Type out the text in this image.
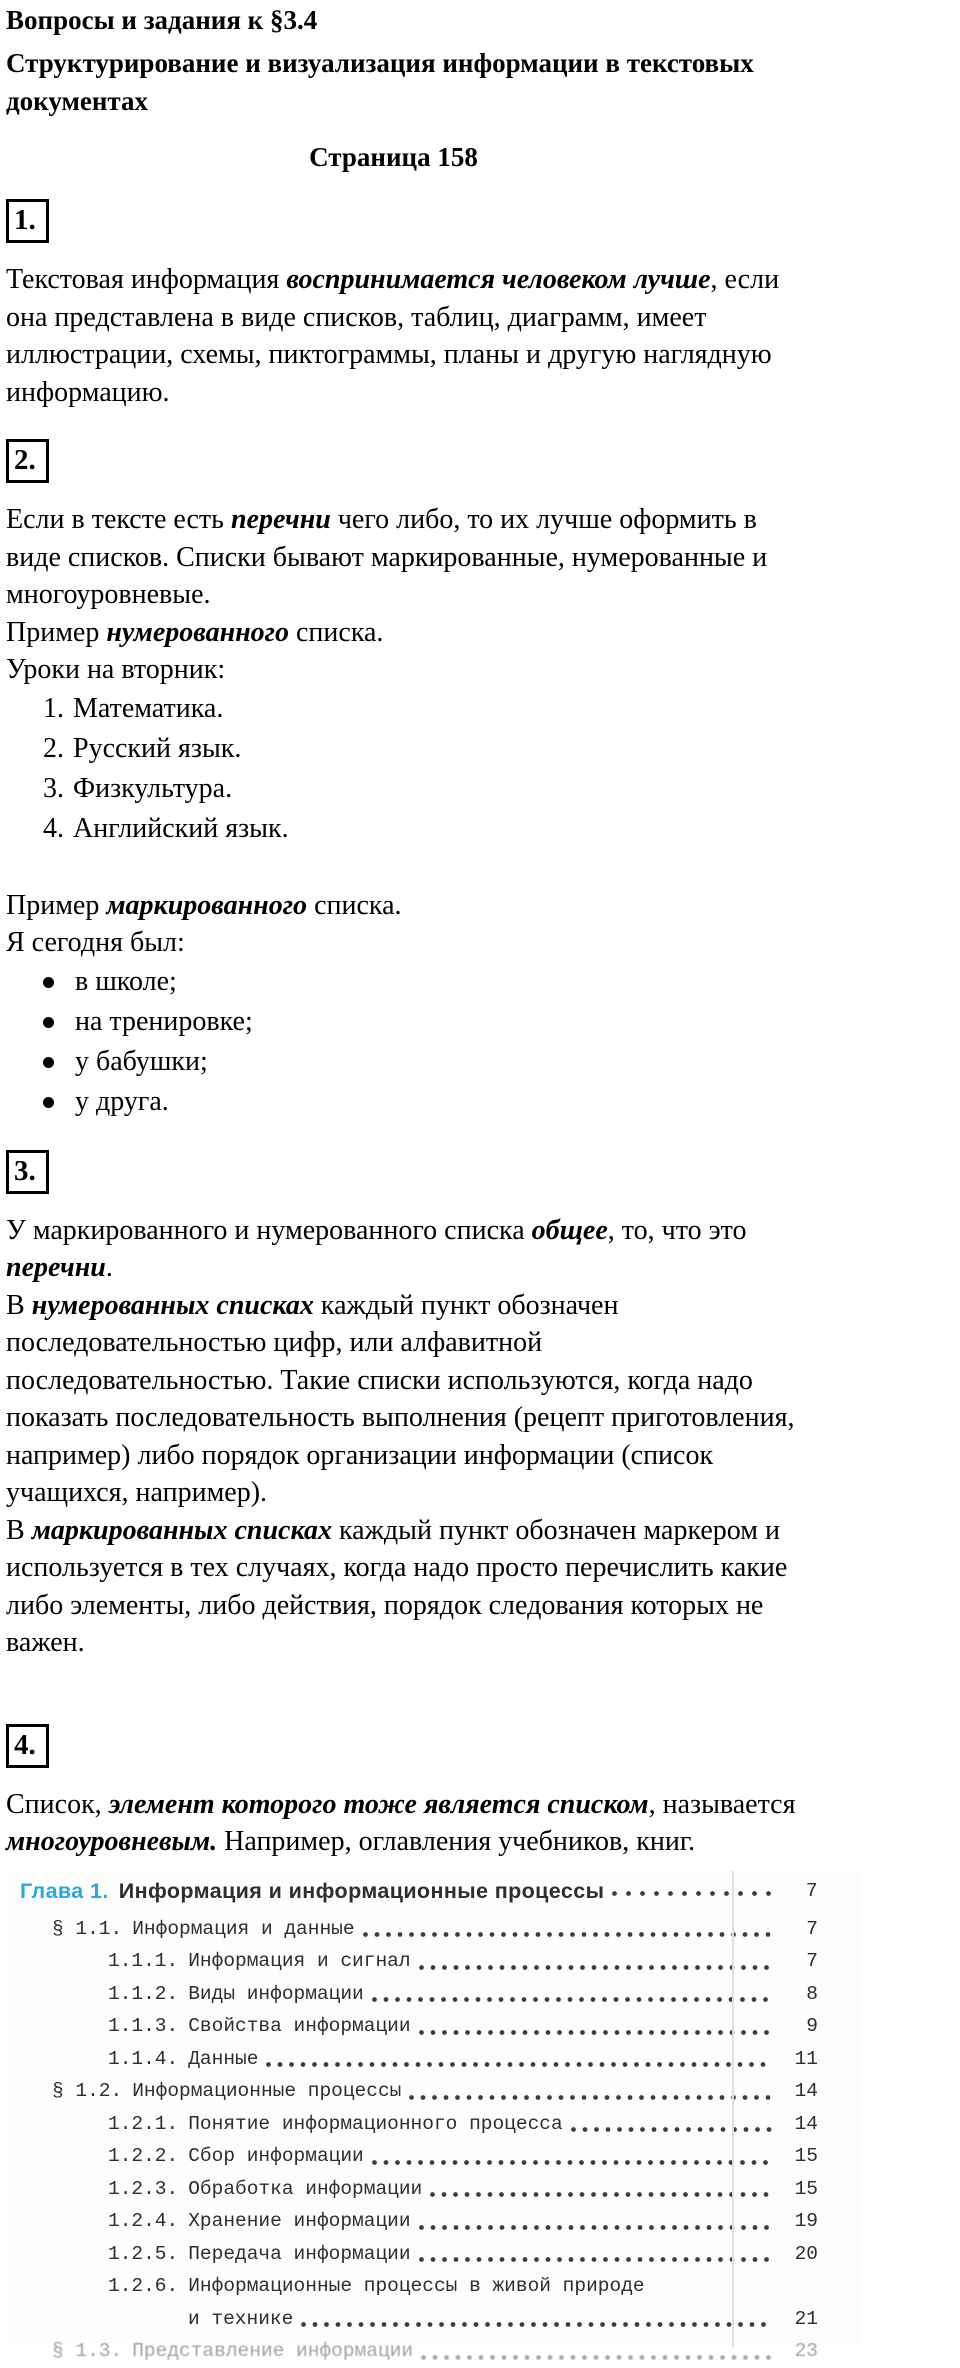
Вопросы и задания к §3.4
Структурирование и визуализация информации в текстовых документах
Страница 158
1.
Текстовая информация воспринимается человеком лучше, если она представлена в виде списков, таблиц, диаграмм, имеет иллюстрации, схемы, пиктограммы, планы и другую наглядную информацию.
2.
Если в тексте есть перечни чего либо, то их лучше оформить в виде списков. Списки бывают маркированные, нумерованные и многоуровневые.
Пример нумерованного списка.
Уроки на вторник:
1. Математика.
2. Русский язык.
3. Физкультура.
4. Английский язык.
Пример маркированного списка.
Я сегодня был:
в школе;
на тренировке;
у бабушки;
у друга.
3.
У маркированного и нумерованного списка общее, то, что это перечни.
В нумерованных списках каждый пункт обозначен последовательностью цифр, или алфавитной последовательностью. Такие списки используются, когда надо показать последовательность выполнения (рецепт приготовления, например) либо порядок организации информации (список учащихся, например).
В маркированных списках каждый пункт обозначен маркером и используется в тех случаях, когда надо просто перечислить какие либо элементы, либо действия, порядок следования которых не важен.
4.
Список, элемент которого тоже является списком, называется многоуровневым. Например, оглавления учебников, книг.
Глава 1. Информация и информационные процессы	7
§ 1.1. Информация и данные	7
1.1.1. Информация и сигнал	7
1.1.2. Виды информации	8
1.1.3. Свойства информации	9
1.1.4. Данные	11
§ 1.2. Информационные процессы	14
1.2.1. Понятие информационного процесса	14
1.2.2. Сбор информации	15
1.2.3. Обработка информации	15
1.2.4. Хранение информации	19
1.2.5. Передача информации	20
1.2.6. Информационные процессы в живой природе
и технике	21
§ 1.3. Представление информации	23
